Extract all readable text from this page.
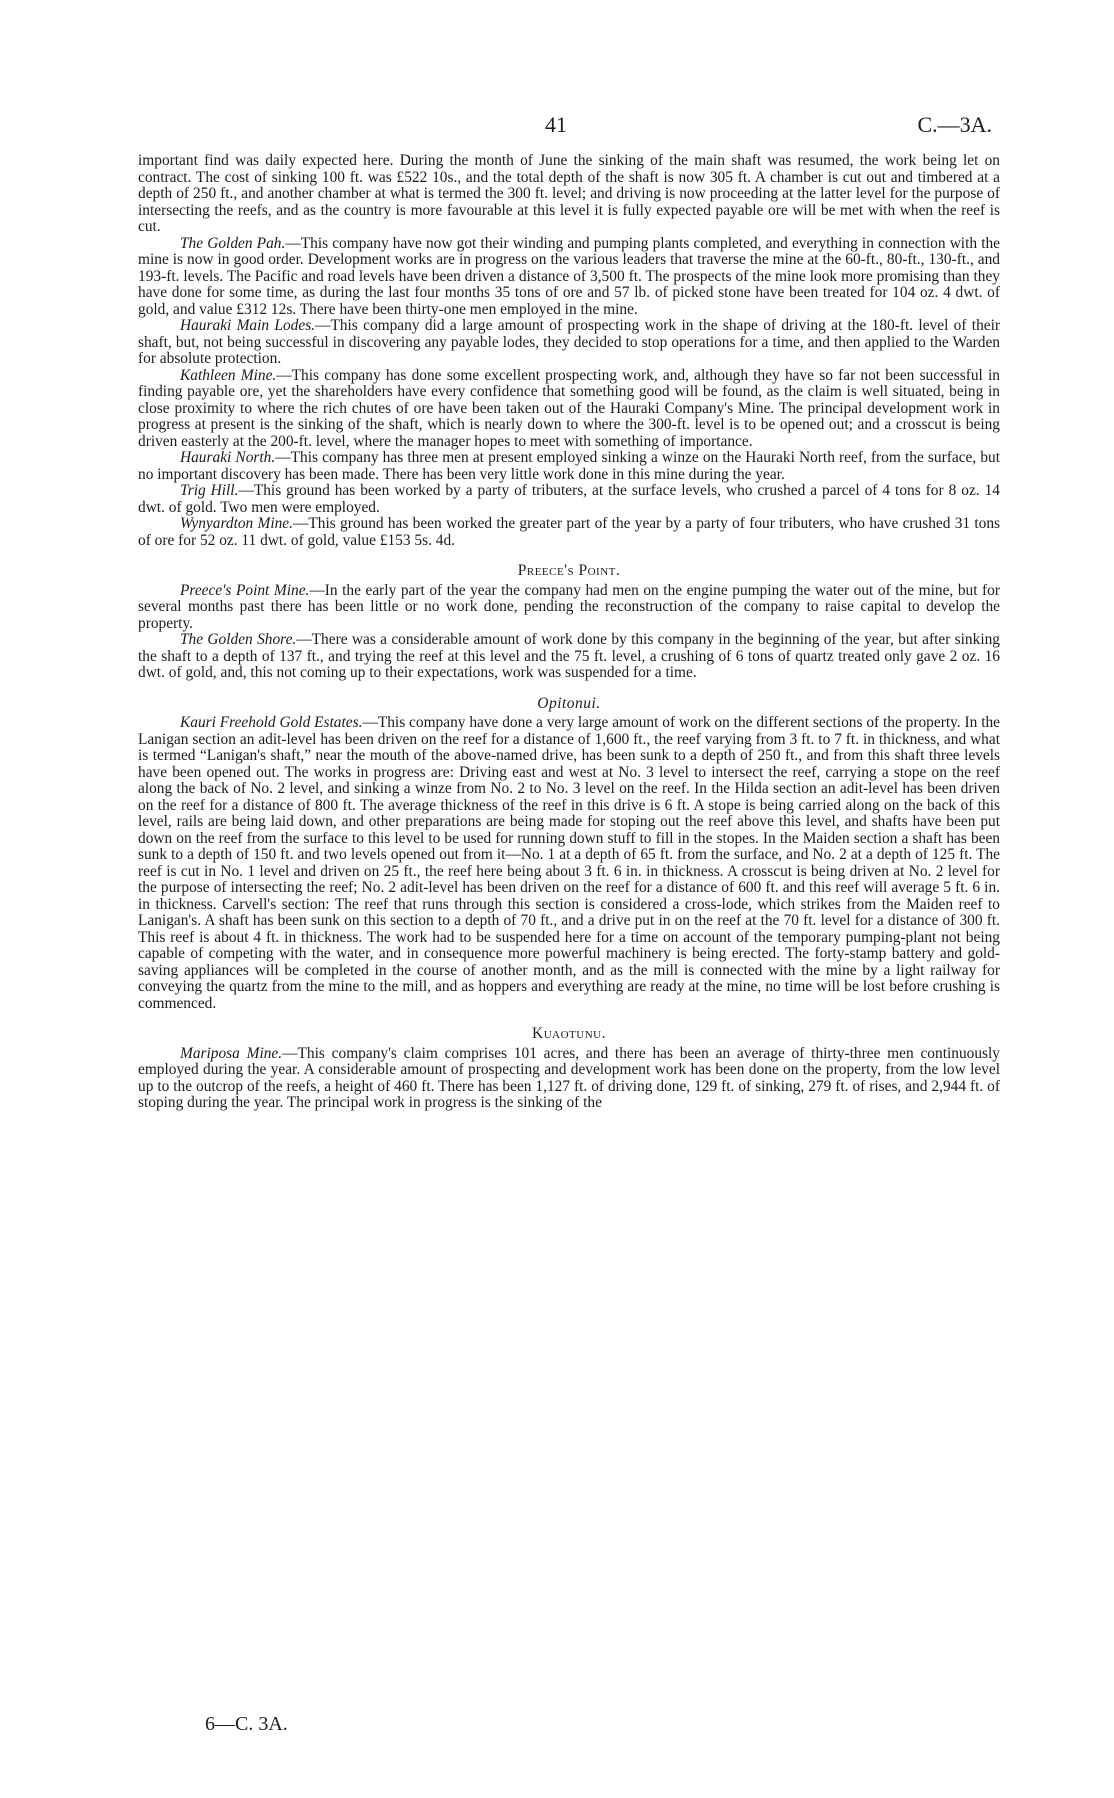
41	C.—3A.

important find was daily expected here. During the month of June the sinking of the main shaft was resumed, the work being let on contract. The cost of sinking 100 ft. was £522 10s., and the total depth of the shaft is now 305 ft. A chamber is cut out and timbered at a depth of 250 ft., and another chamber at what is termed the 300 ft. level; and driving is now proceeding at the latter level for the purpose of intersecting the reefs, and as the country is more favourable at this level it is fully expected payable ore will be met with when the reef is cut.

The Golden Pah.—This company have now got their winding and pumping plants completed, and everything in connection with the mine is now in good order. Development works are in progress on the various leaders that traverse the mine at the 60-ft., 80-ft., 130-ft., and 193-ft. levels. The Pacific and road levels have been driven a distance of 3,500 ft. The prospects of the mine look more promising than they have done for some time, as during the last four months 35 tons of ore and 57 lb. of picked stone have been treated for 104 oz. 4 dwt. of gold, and value £312 12s. There have been thirty-one men employed in the mine.

Hauraki Main Lodes.—This company did a large amount of prospecting work in the shape of driving at the 180-ft. level of their shaft, but, not being successful in discovering any payable lodes, they decided to stop operations for a time, and then applied to the Warden for absolute protection.

Kathleen Mine.—This company has done some excellent prospecting work, and, although they have so far not been successful in finding payable ore, yet the shareholders have every confidence that something good will be found, as the claim is well situated, being in close proximity to where the rich chutes of ore have been taken out of the Hauraki Company's Mine. The principal development work in progress at present is the sinking of the shaft, which is nearly down to where the 300-ft. level is to be opened out; and a crosscut is being driven easterly at the 200-ft. level, where the manager hopes to meet with something of importance.

Hauraki North.—This company has three men at present employed sinking a winze on the Hauraki North reef, from the surface, but no important discovery has been made. There has been very little work done in this mine during the year.

Trig Hill.—This ground has been worked by a party of tributers, at the surface levels, who crushed a parcel of 4 tons for 8 oz. 14 dwt. of gold. Two men were employed.

Wynyardton Mine.—This ground has been worked the greater part of the year by a party of four tributers, who have crushed 31 tons of ore for 52 oz. 11 dwt. of gold, value £153 5s. 4d.

Preece's Point.

Preece's Point Mine.—In the early part of the year the company had men on the engine pumping the water out of the mine, but for several months past there has been little or no work done, pending the reconstruction of the company to raise capital to develop the property.

The Golden Shore.—There was a considerable amount of work done by this company in the beginning of the year, but after sinking the shaft to a depth of 137 ft., and trying the reef at this level and the 75 ft. level, a crushing of 6 tons of quartz treated only gave 2 oz. 16 dwt. of gold, and, this not coming up to their expectations, work was suspended for a time.

Opitonui.

Kauri Freehold Gold Estates.—This company have done a very large amount of work on the different sections of the property. In the Lanigan section an adit-level has been driven on the reef for a distance of 1,600 ft., the reef varying from 3 ft. to 7 ft. in thickness, and what is termed “Lanigan's shaft,” near the mouth of the above-named drive, has been sunk to a depth of 250 ft., and from this shaft three levels have been opened out. The works in progress are: Driving east and west at No. 3 level to intersect the reef, carrying a stope on the reef along the back of No. 2 level, and sinking a winze from No. 2 to No. 3 level on the reef. In the Hilda section an adit-level has been driven on the reef for a distance of 800 ft. The average thickness of the reef in this drive is 6 ft. A stope is being carried along on the back of this level, rails are being laid down, and other preparations are being made for stoping out the reef above this level, and shafts have been put down on the reef from the surface to this level to be used for running down stuff to fill in the stopes. In the Maiden section a shaft has been sunk to a depth of 150 ft. and two levels opened out from it—No. 1 at a depth of 65 ft. from the surface, and No. 2 at a depth of 125 ft. The reef is cut in No. 1 level and driven on 25 ft., the reef here being about 3 ft. 6 in. in thickness. A crosscut is being driven at No. 2 level for the purpose of intersecting the reef; No. 2 adit-level has been driven on the reef for a distance of 600 ft. and this reef will average 5 ft. 6 in. in thickness. Carvell's section: The reef that runs through this section is considered a cross-lode, which strikes from the Maiden reef to Lanigan's. A shaft has been sunk on this section to a depth of 70 ft., and a drive put in on the reef at the 70 ft. level for a distance of 300 ft. This reef is about 4 ft. in thickness. The work had to be suspended here for a time on account of the temporary pumping-plant not being capable of competing with the water, and in consequence more powerful machinery is being erected. The forty-stamp battery and gold-saving appliances will be completed in the course of another month, and as the mill is connected with the mine by a light railway for conveying the quartz from the mine to the mill, and as hoppers and everything are ready at the mine, no time will be lost before crushing is commenced.

Kuaotunu.

Mariposa Mine.—This company's claim comprises 101 acres, and there has been an average of thirty-three men continuously employed during the year. A considerable amount of prospecting and development work has been done on the property, from the low level up to the outcrop of the reefs, a height of 460 ft. There has been 1,127 ft. of driving done, 129 ft. of sinking, 279 ft. of rises, and 2,944 ft. of stoping during the year. The principal work in progress is the sinking of the

6—C. 3A.
